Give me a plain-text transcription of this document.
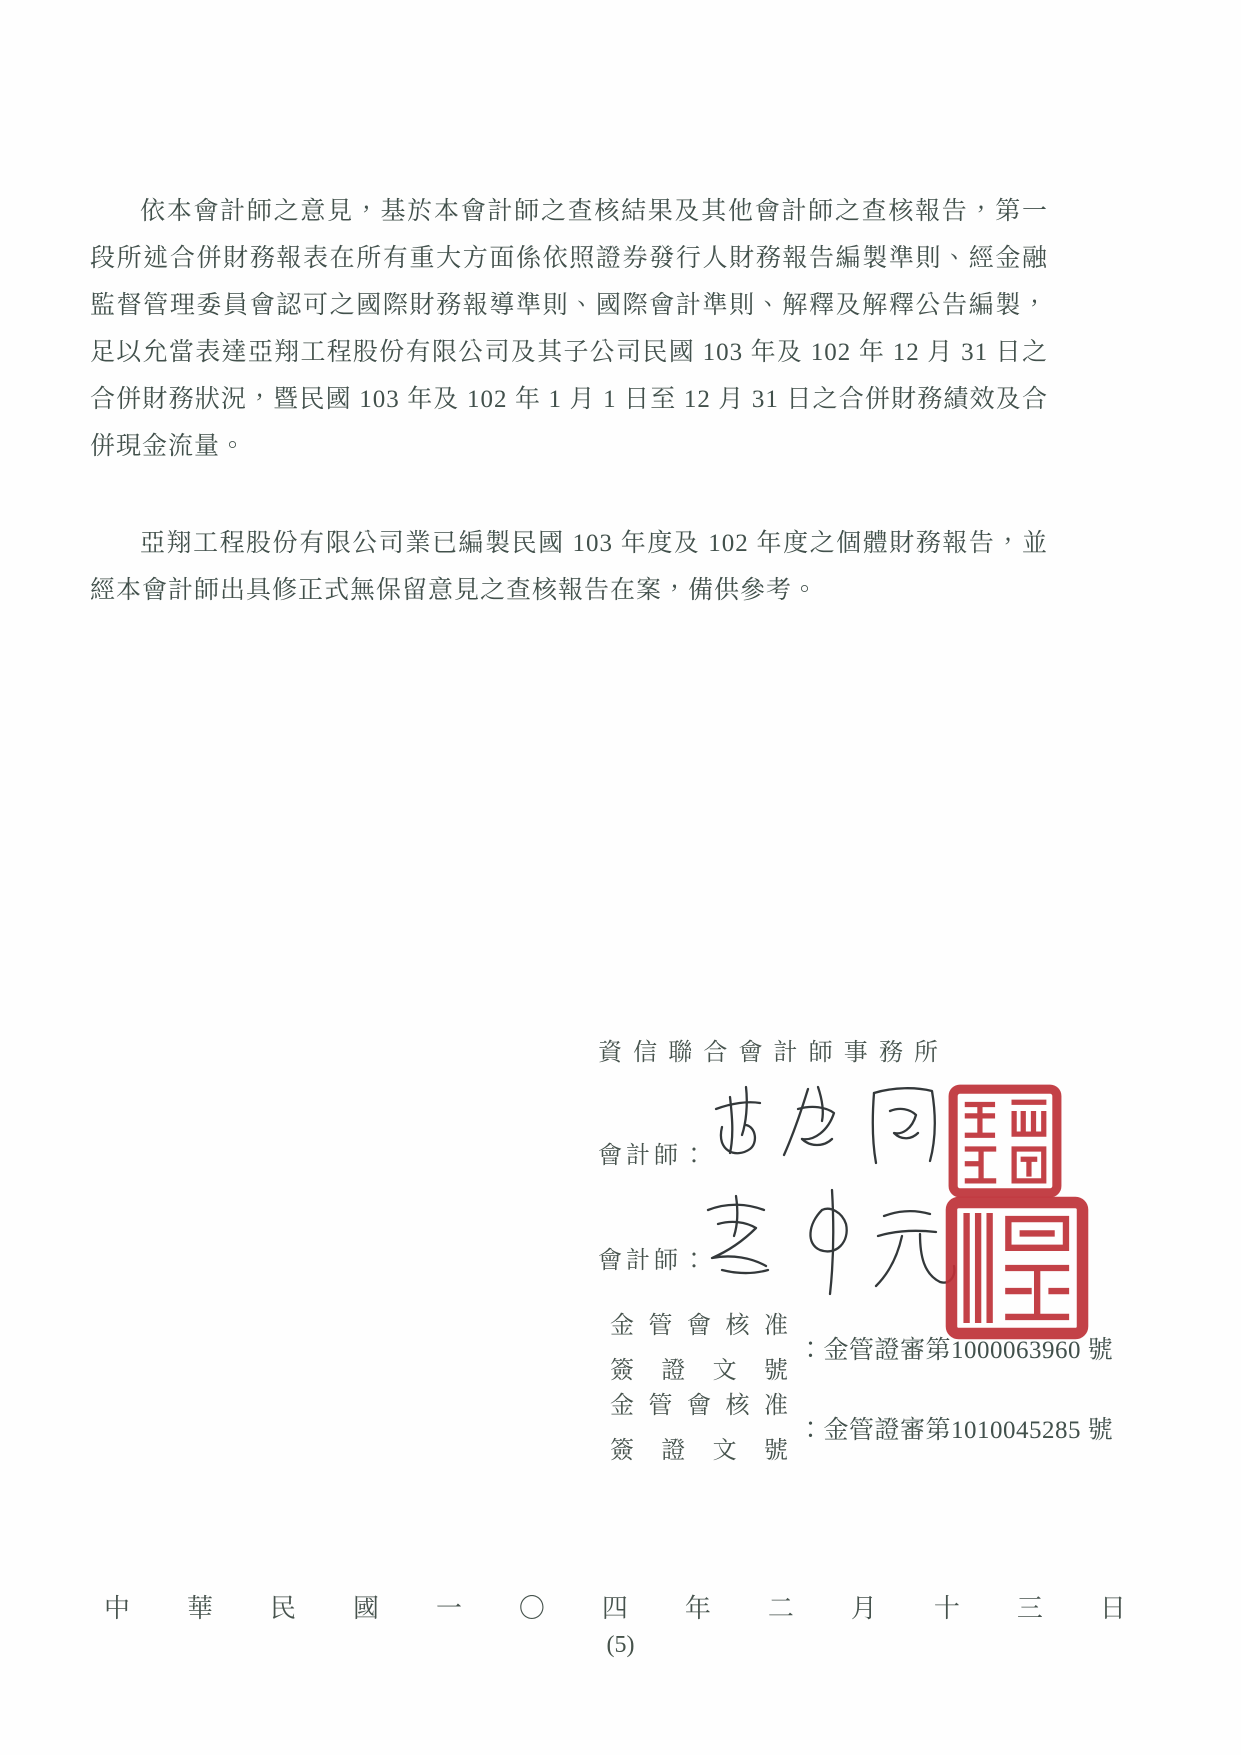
依本會計師之意見，基於本會計師之查核結果及其他會計師之查核報告，第一段所述合併財務報表在所有重大方面係依照證券發行人財務報告編製準則、經金融監督管理委員會認可之國際財務報導準則、國際會計準則、解釋及解釋公告編製，足以允當表達亞翔工程股份有限公司及其子公司民國 103 年及 102 年 12 月 31 日之合併財務狀況，暨民國 103 年及 102 年 1 月 1 日至 12 月 31 日之合併財務績效及合併現金流量。

亞翔工程股份有限公司業已編製民國 103 年度及 102 年度之個體財務報告，並經本會計師出具修正式無保留意見之查核報告在案，備供參考。

資 信 聯 合 會 計 師 事 務 所
會計師：
會計師：
金 管 會 核 准
簽 證 文 號
：金管證審第1000063960 號
金 管 會 核 准
簽 證 文 號
：金管證審第1010045285 號
中 華 民 國 一 〇 四 年 二 月 十 三 日
(5)
